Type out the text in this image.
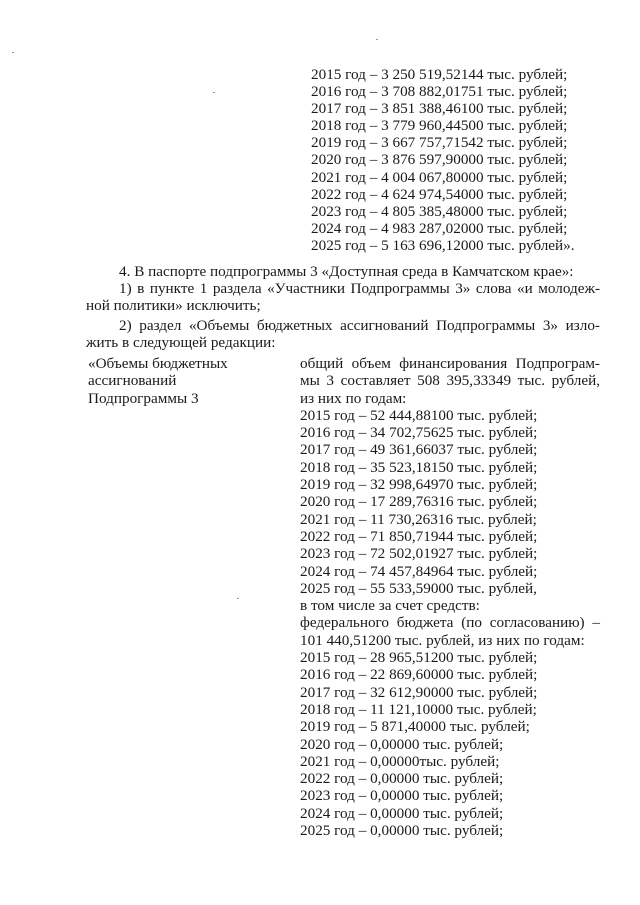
2015 год – 3 250 519,52144 тыс. рублей;
2016 год – 3 708 882,01751 тыс. рублей;
2017 год – 3 851 388,46100 тыс. рублей;
2018 год – 3 779 960,44500 тыс. рублей;
2019 год – 3 667 757,71542 тыс. рублей;
2020 год – 3 876 597,90000 тыс. рублей;
2021 год – 4 004 067,80000 тыс. рублей;
2022 год – 4 624 974,54000 тыс. рублей;
2023 год – 4 805 385,48000 тыс. рублей;
2024 год – 4 983 287,02000 тыс. рублей;
2025 год – 5 163 696,12000 тыс. рублей».
4. В паспорте подпрограммы 3 «Доступная среда в Камчатском крае»:
1) в пункте 1 раздела «Участники Подпрограммы 3» слова «и молодеж-
ной политики» исключить;
2) раздел «Объемы бюджетных ассигнований Подпрограммы 3» изло-
жить в следующей редакции:
«Объемы бюджетных
ассигнований
Подпрограммы 3
общий объем финансирования Подпрограм-
мы 3 составляет 508 395,33349 тыс. рублей,
из них по годам:
2015 год – 52 444,88100 тыс. рублей;
2016 год – 34 702,75625 тыс. рублей;
2017 год – 49 361,66037 тыс. рублей;
2018 год – 35 523,18150 тыс. рублей;
2019 год – 32 998,64970 тыс. рублей;
2020 год – 17 289,76316 тыс. рублей;
2021 год – 11 730,26316 тыс. рублей;
2022 год – 71 850,71944 тыс. рублей;
2023 год – 72 502,01927 тыс. рублей;
2024 год – 74 457,84964 тыс. рублей;
2025 год – 55 533,59000 тыс. рублей,
в том числе за счет средств:
федерального бюджета (по согласованию) –
101 440,51200 тыс. рублей, из них по годам:
2015 год – 28 965,51200 тыс. рублей;
2016 год – 22 869,60000 тыс. рублей;
2017 год – 32 612,90000 тыс. рублей;
2018 год – 11 121,10000 тыс. рублей;
2019 год – 5 871,40000 тыс. рублей;
2020 год – 0,00000 тыс. рублей;
2021 год – 0,00000тыс. рублей;
2022 год – 0,00000 тыс. рублей;
2023 год – 0,00000 тыс. рублей;
2024 год – 0,00000 тыс. рублей;
2025 год – 0,00000 тыс. рублей;
